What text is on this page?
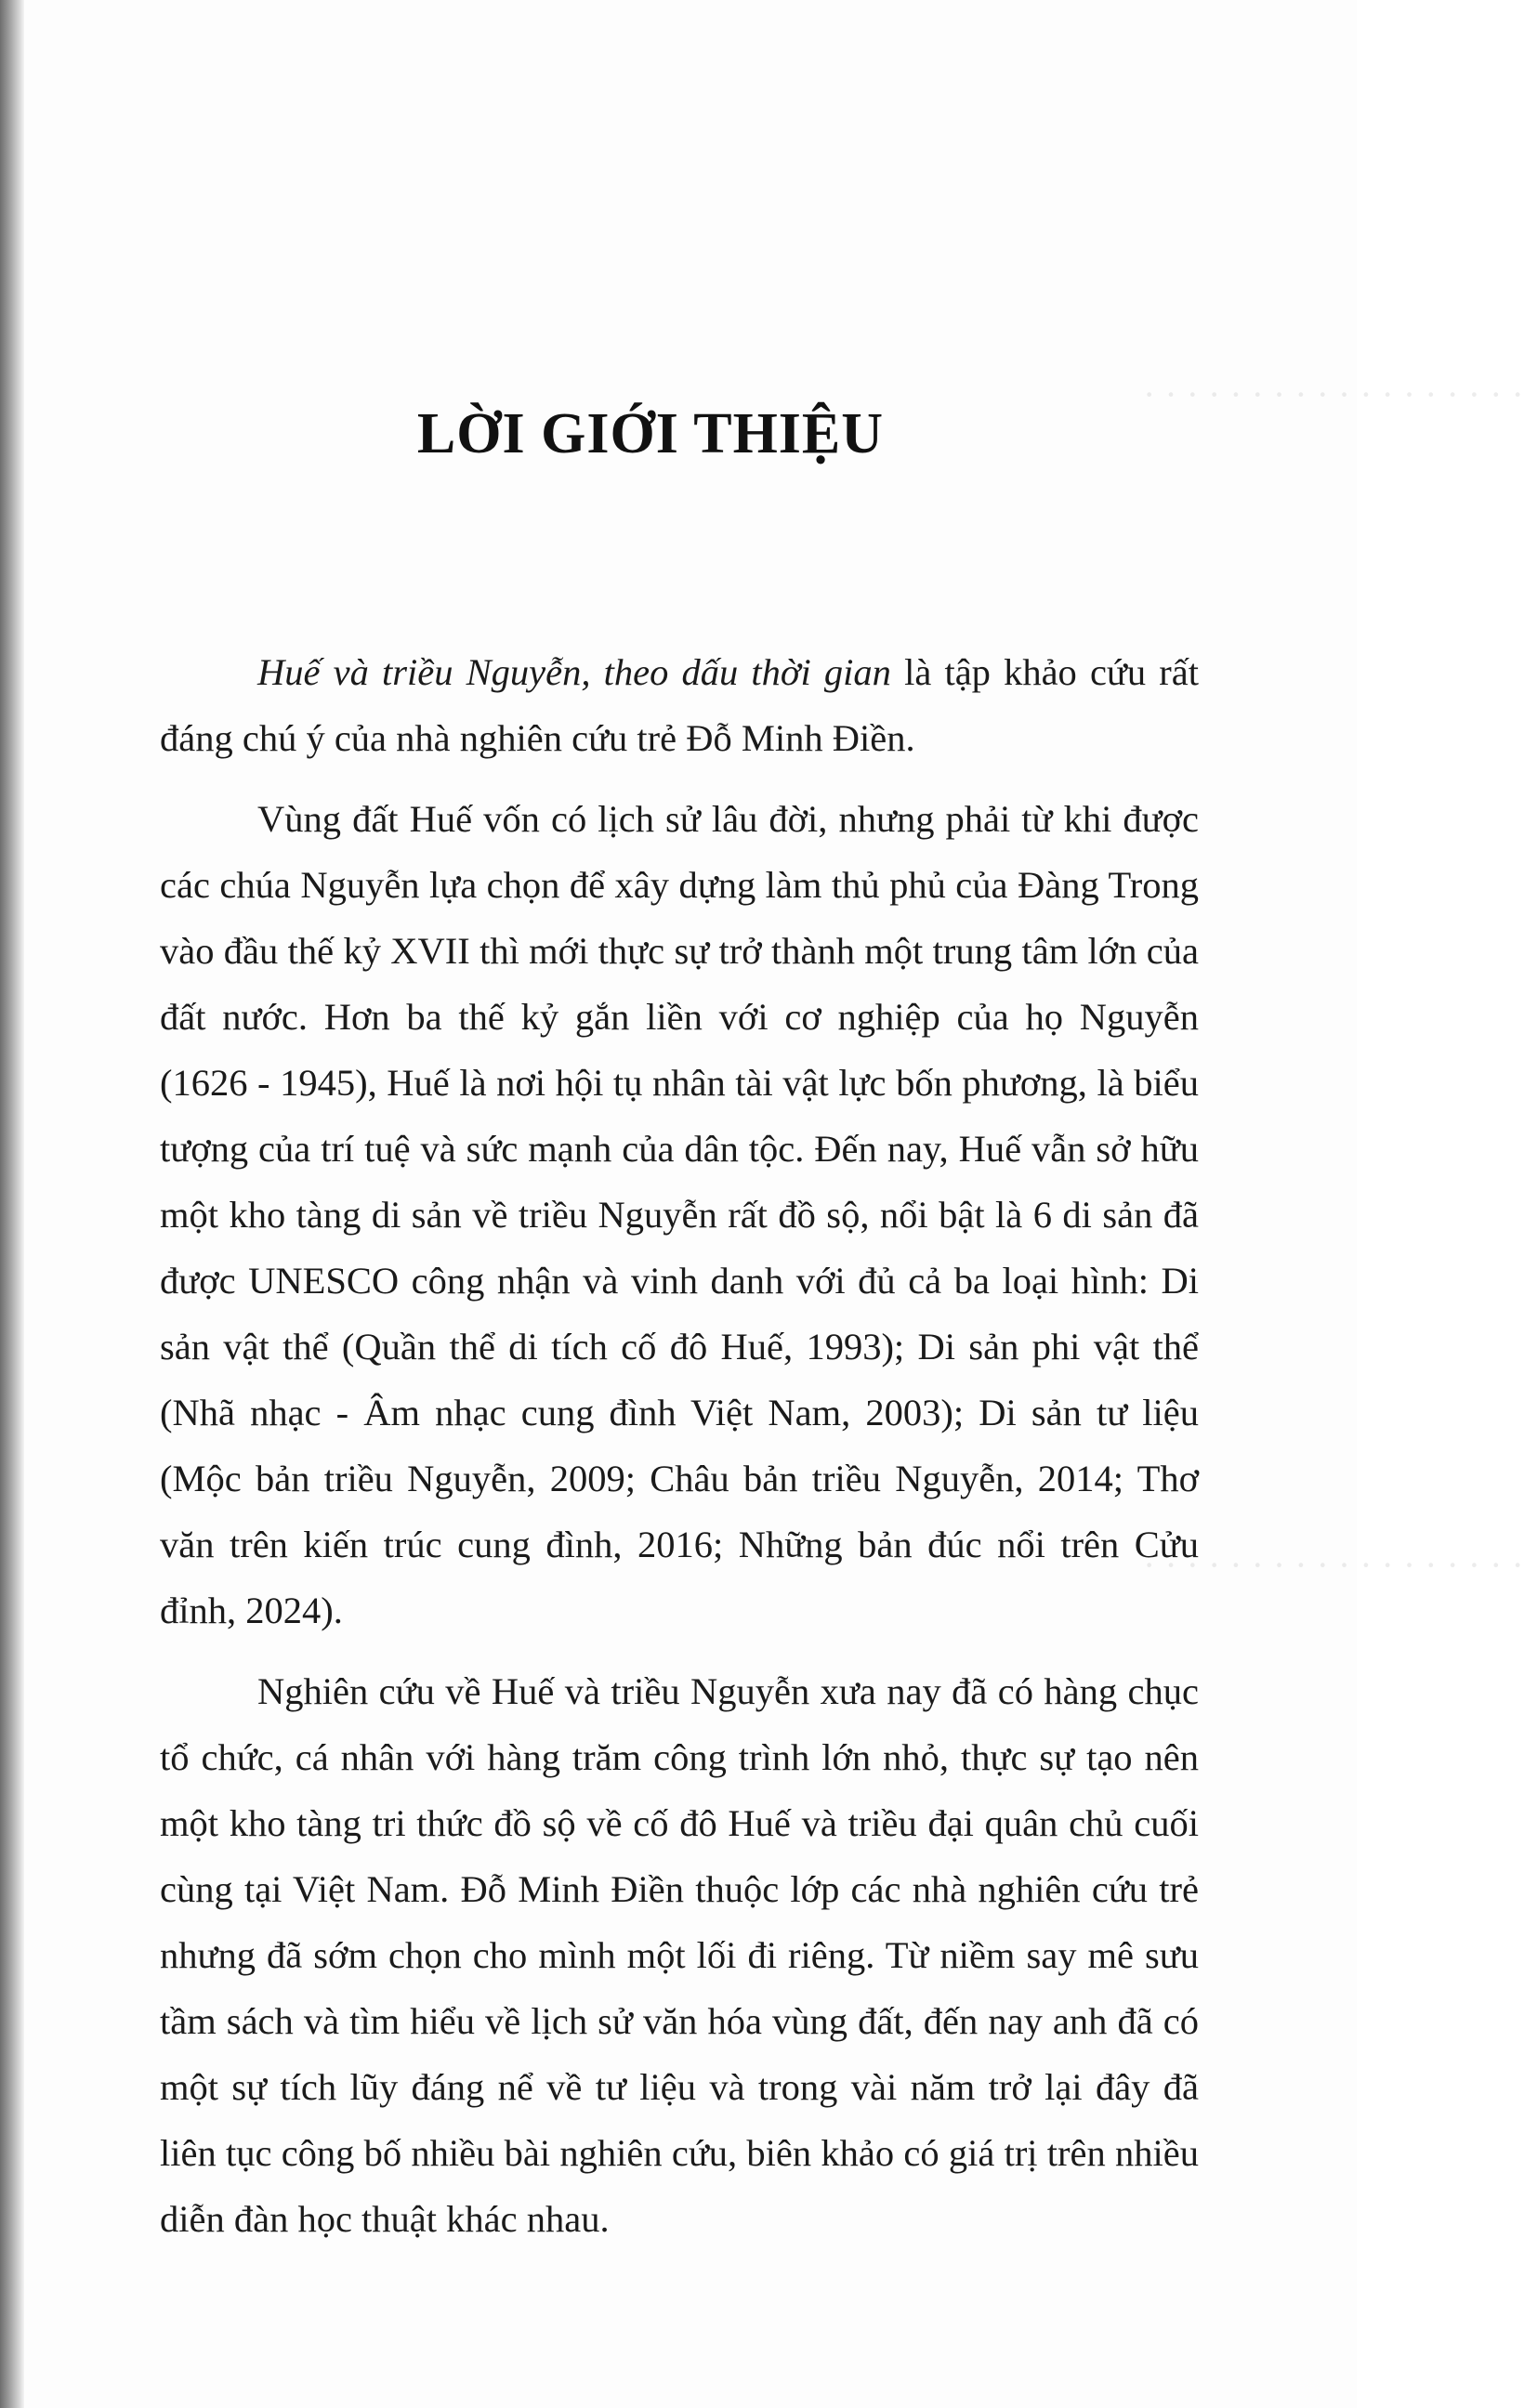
· · · · · · · · · · · · · · · · · ·
· · · · · · · · · · · · · · · · · ·
LỜI GIỚI THIỆU

Huế và triều Nguyễn, theo dấu thời gian là tập khảo cứu rất đáng chú ý của nhà nghiên cứu trẻ Đỗ Minh Điền.

Vùng đất Huế vốn có lịch sử lâu đời, nhưng phải từ khi được các chúa Nguyễn lựa chọn để xây dựng làm thủ phủ của Đàng Trong vào đầu thế kỷ XVII thì mới thực sự trở thành một trung tâm lớn của đất nước. Hơn ba thế kỷ gắn liền với cơ nghiệp của họ Nguyễn (1626 - 1945), Huế là nơi hội tụ nhân tài vật lực bốn phương, là biểu tượng của trí tuệ và sức mạnh của dân tộc. Đến nay, Huế vẫn sở hữu một kho tàng di sản về triều Nguyễn rất đồ sộ, nổi bật là 6 di sản đã được UNESCO công nhận và vinh danh với đủ cả ba loại hình: Di sản vật thể (Quần thể di tích cố đô Huế, 1993); Di sản phi vật thể (Nhã nhạc - Âm nhạc cung đình Việt Nam, 2003); Di sản tư liệu (Mộc bản triều Nguyễn, 2009; Châu bản triều Nguyễn, 2014; Thơ văn trên kiến trúc cung đình, 2016; Những bản đúc nổi trên Cửu đỉnh, 2024).

Nghiên cứu về Huế và triều Nguyễn xưa nay đã có hàng chục tổ chức, cá nhân với hàng trăm công trình lớn nhỏ, thực sự tạo nên một kho tàng tri thức đồ sộ về cố đô Huế và triều đại quân chủ cuối cùng tại Việt Nam. Đỗ Minh Điền thuộc lớp các nhà nghiên cứu trẻ nhưng đã sớm chọn cho mình một lối đi riêng. Từ niềm say mê sưu tầm sách và tìm hiểu về lịch sử văn hóa vùng đất, đến nay anh đã có một sự tích lũy đáng nể về tư liệu và trong vài năm trở lại đây đã liên tục công bố nhiều bài nghiên cứu, biên khảo có giá trị trên nhiều diễn đàn học thuật khác nhau.
